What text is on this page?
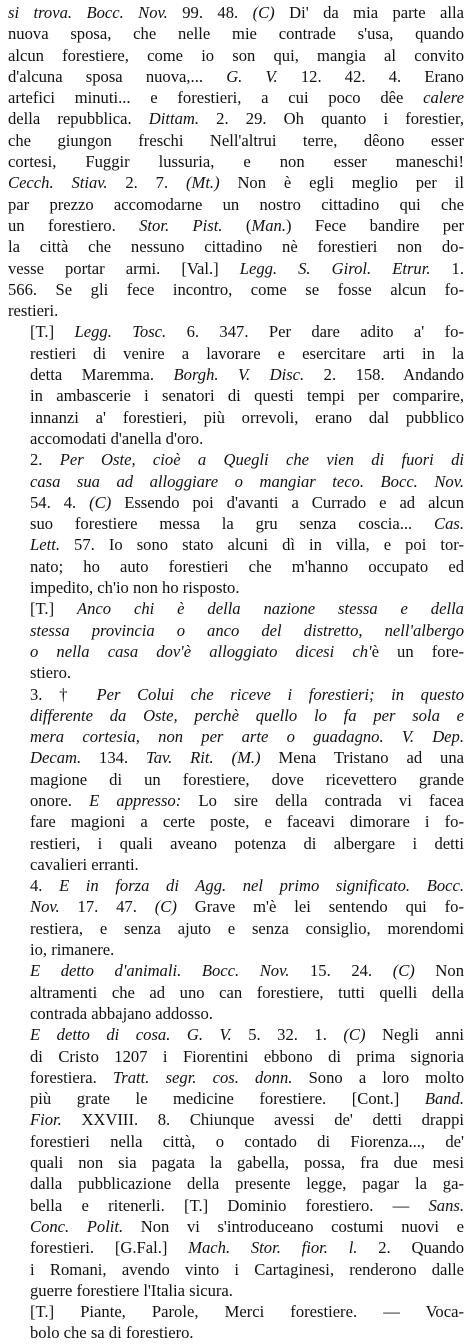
si trova. Bocc. Nov. 99. 48. (C) Di' da mia parte alla
nuova sposa, che nelle mie contrade s'usa, quando
alcun forestiere, come io son qui, mangia al convito
d'alcuna sposa nuova,... G. V. 12. 42. 4. Erano
artefici minuti... e forestieri, a cui poco dêe calere
della repubblica. Dittam. 2. 29. Oh quanto i forestier,
che giungon freschi Nell'altrui terre, dêono esser
cortesi, Fuggir lussuria, e non esser maneschi!
Cecch. Stiav. 2. 7. (Mt.) Non è egli meglio per il
par prezzo accomodarne un nostro cittadino qui che
un forestiero. Stor. Pist. (Man.) Fece bandire per
la città che nessuno cittadino nè forestieri non do-
vesse portar armi. [Val.] Legg. S. Girol. Etrur. 1.
566. Se gli fece incontro, come se fosse alcun fo-
restieri.
[T.] Legg. Tosc. 6. 347. Per dare adito a' fo-
restieri di venire a lavorare e esercitare arti in la
detta Maremma. Borgh. V. Disc. 2. 158. Andando
in ambascerie i senatori di questi tempi per comparire,
innanzi a' forestieri, più orrevoli, erano dal pubblico
accomodati d'anella d'oro.
2. Per Oste, cioè a Quegli che vien di fuori di
casa sua ad alloggiare o mangiar teco. Bocc. Nov.
54. 4. (C) Essendo poi d'avanti a Currado e ad alcun
suo forestiere messa la gru senza coscia... Cas.
Lett. 57. Io sono stato alcuni dì in villa, e poi tor-
nato; ho auto forestieri che m'hanno occupato ed
impedito, ch'io non ho risposto.
[T.] Anco chi è della nazione stessa e della
stessa provincia o anco del distretto, nell'albergo
o nella casa dov'è alloggiato dicesi ch'è un fore-
stiero.
3. † Per Colui che riceve i forestieri; in questo
differente da Oste, perchè quello lo fa per sola e
mera cortesia, non per arte o guadagno. V. Dep.
Decam. 134. Tav. Rit. (M.) Mena Tristano ad una
magione di un forestiere, dove ricevettero grande
onore. E appresso: Lo sire della contrada vi facea
fare magioni a certe poste, e faceavi dimorare i fo-
restieri, i quali aveano potenza di albergare i detti
cavalieri erranti.
4. E in forza di Agg. nel primo significato. Bocc.
Nov. 17. 47. (C) Grave m'è lei sentendo qui fo-
restiera, e senza ajuto e senza consiglio, morendomi
io, rimanere.
E detto d'animali. Bocc. Nov. 15. 24. (C) Non
altramenti che ad uno can forestiere, tutti quelli della
contrada abbajano addosso.
E detto di cosa. G. V. 5. 32. 1. (C) Negli anni
di Cristo 1207 i Fiorentini ebbono di prima signoria
forestiera. Tratt. segr. cos. donn. Sono a loro molto
più grate le medicine forestiere. [Cont.] Band.
Fior. XXVIII. 8. Chiunque avessi de' detti drappi
forestieri nella città, o contado di Fiorenza..., de'
quali non sia pagata la gabella, possa, fra due mesi
dalla pubblicazione della presente legge, pagar la ga-
bella e ritenerli. [T.] Dominio forestiero. — Sans.
Conc. Polit. Non vi s'introduceano costumi nuovi e
forestieri. [G.Fal.] Mach. Stor. fior. l. 2. Quando
i Romani, avendo vinto i Cartaginesi, renderono dalle
guerre forestiere l'Italia sicura.
[T.] Piante, Parole, Merci forestiere. — Voca-
bolo che sa di forestiero.
